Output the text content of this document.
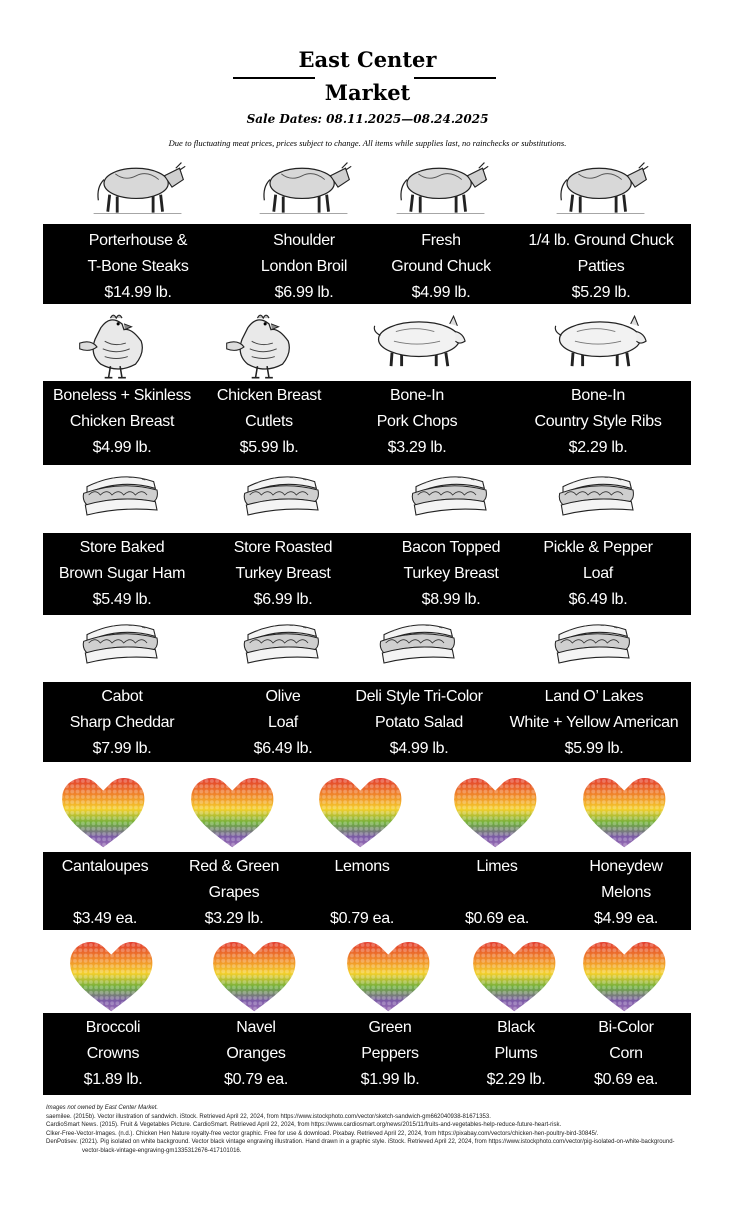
East Center
Market
Sale Dates: 08.11.2025—08.24.2025
Due to fluctuating meat prices, prices subject to change. All items while supplies last, no rainchecks or substitutions.
Porterhouse &
T-Bone Steaks
$14.99 lb.
Shoulder
London Broil
$6.99 lb.
Fresh
Ground Chuck
$4.99 lb.
1/4 lb. Ground Chuck
Patties
$5.29 lb.
Boneless + Skinless
Chicken Breast
$4.99 lb.
Chicken Breast
Cutlets
$5.99 lb.
Bone-In
Pork Chops
$3.29 lb.
Bone-In
Country Style Ribs
$2.29 lb.
Store Baked
Brown Sugar Ham
$5.49 lb.
Store Roasted
Turkey Breast
$6.99 lb.
Bacon Topped
Turkey Breast
$8.99 lb.
Pickle & Pepper
Loaf
$6.49 lb.
Cabot
Sharp Cheddar
$7.99 lb.
Olive
Loaf
$6.49 lb.
Deli Style Tri-Color
Potato Salad
$4.99 lb.
Land O’ Lakes
White + Yellow American
$5.99 lb.
Cantaloupes

$3.49 ea.
Red & Green
Grapes
$3.29 lb.
Lemons

$0.79 ea.
Limes

$0.69 ea.
Honeydew
Melons
$4.99 ea.
Broccoli
Crowns
$1.89 lb.
Navel
Oranges
$0.79 ea.
Green
Peppers
$1.99 lb.
Black
Plums
$2.29 lb.
Bi-Color
Corn
$0.69 ea.
Images not owned by East Center Market.
saemilee. (2015b). Vector illustration of sandwich. iStock. Retrieved April 22, 2024, from https://www.istockphoto.com/vector/sketch-sandwich-gm662040938-81671353.
CardioSmart News. (2015). Fruit & Vegetables Picture. CardioSmart. Retrieved April 22, 2024, from https://www.cardiosmart.org/news/2015/11/fruits-and-vegetables-help-reduce-future-heart-risk.
Clker-Free-Vector-Images. (n.d.). Chicken Hen Nature royalty-free vector graphic. Free for use & download. Pixabay. Retrieved April 22, 2024, from https://pixabay.com/vectors/chicken-hen-poultry-bird-30845/.
DenPotisev. (2021). Pig isolated on white background. Vector black vintage engraving illustration. Hand drawn in a graphic style. iStock. Retrieved April 22, 2024, from https://www.istockphoto.com/vector/pig-isolated-on-white-background-
vector-black-vintage-engraving-gm1335312676-417101016.
